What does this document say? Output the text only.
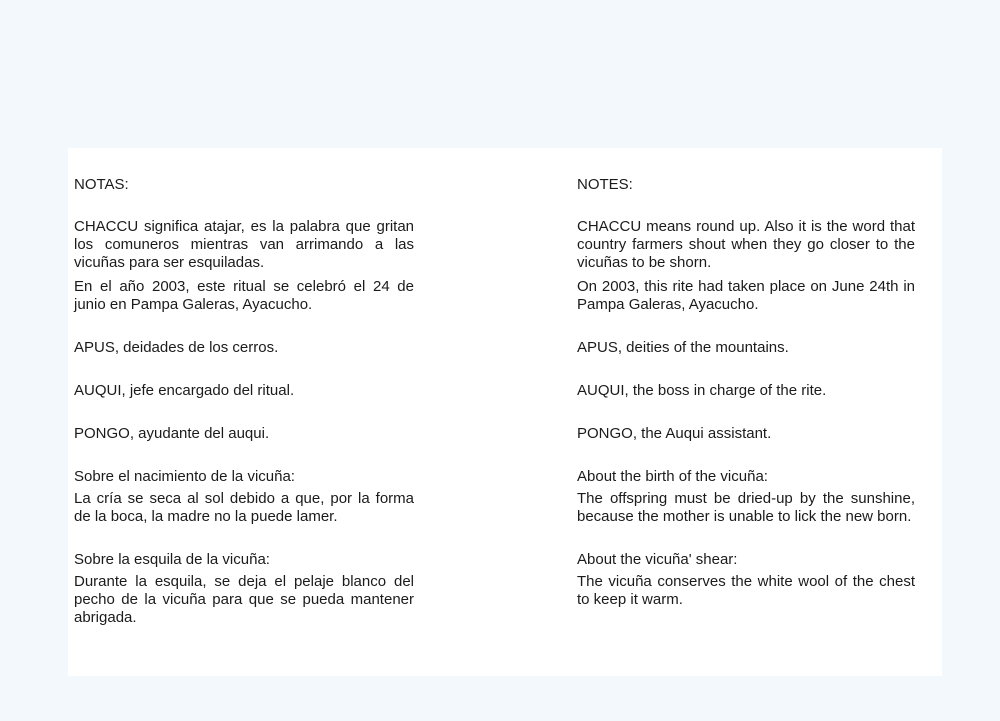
NOTAS:

CHACCU significa atajar, es la palabra que gritan los comuneros mientras van arrimando a las vicuñas para ser esquiladas.

En el año 2003, este ritual se celebró el 24 de junio en Pampa Galeras, Ayacucho.

APUS, deidades de los cerros.

AUQUI, jefe encargado del ritual.

PONGO, ayudante del auqui.

Sobre el nacimiento de la vicuña:

La cría se seca al sol debido a que, por la forma de la boca, la madre no la puede lamer.

Sobre la esquila de la vicuña:

Durante la esquila, se deja el pelaje blanco del pecho de la vicuña para que se pueda mantener abrigada.

NOTES:

CHACCU means round up. Also it is the word that country farmers shout when they go closer to the vicuñas to be shorn.

On 2003, this rite had taken place on June 24th in Pampa Galeras, Ayacucho.

APUS, deities of the mountains.

AUQUI, the boss in charge of the rite.

PONGO, the Auqui assistant.

About the birth of the vicuña:

The offspring must be dried-up by the sunshine, because the mother is unable to lick the new born.

About the vicuña' shear:

The vicuña conserves the white wool of the chest to keep it warm.
